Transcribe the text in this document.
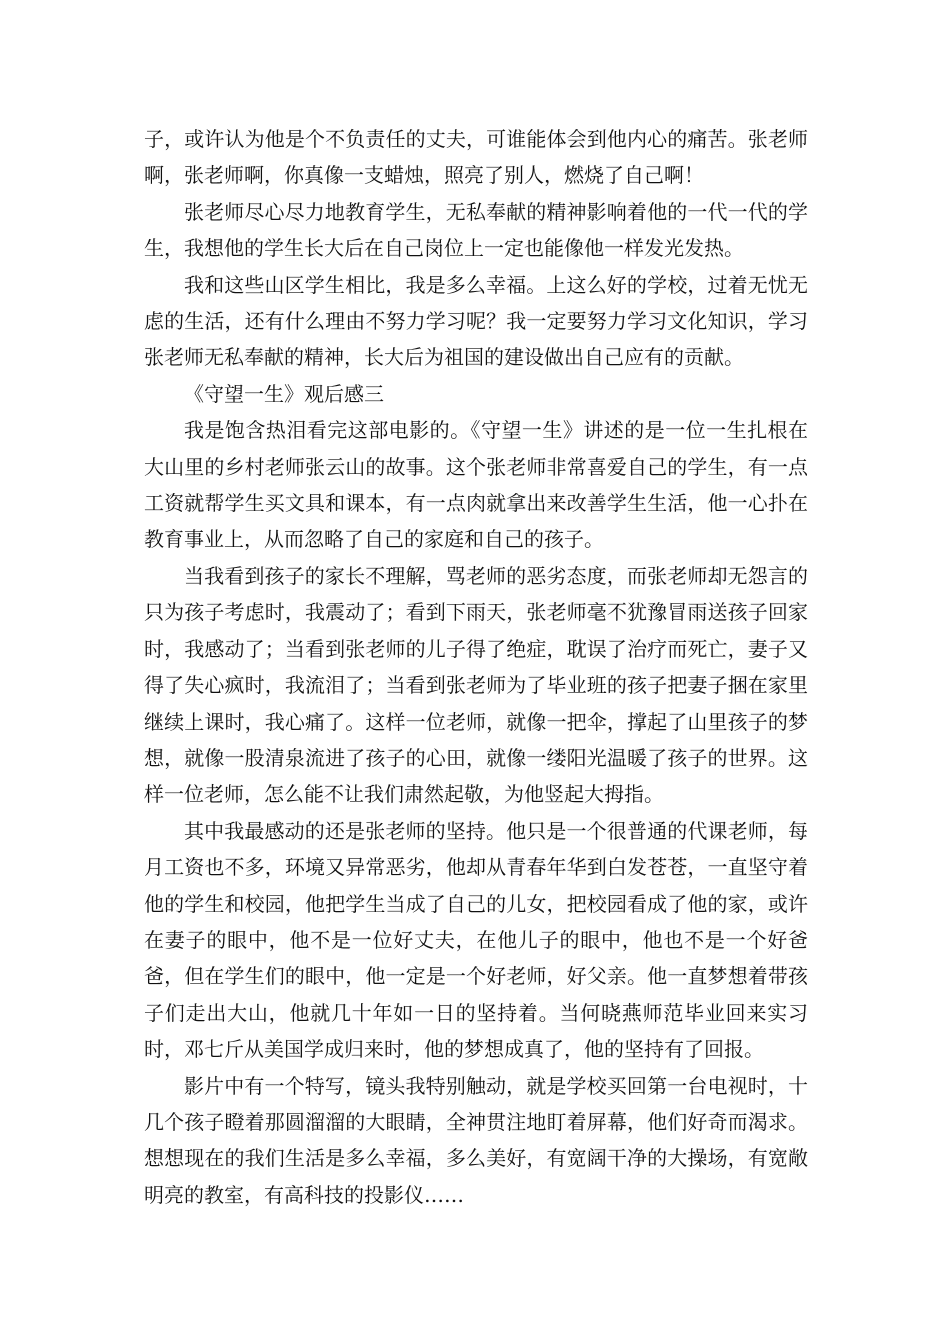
子，或许认为他是个不负责任的丈夫，可谁能体会到他内心的痛苦。张老师啊，张老师啊，你真像一支蜡烛，照亮了别人，燃烧了自己啊！

张老师尽心尽力地教育学生，无私奉献的精神影响着他的一代一代的学生，我想他的学生长大后在自己岗位上一定也能像他一样发光发热。

我和这些山区学生相比，我是多么幸福。上这么好的学校，过着无忧无虑的生活，还有什么理由不努力学习呢？我一定要努力学习文化知识，学习张老师无私奉献的精神，长大后为祖国的建设做出自己应有的贡献。

《守望一生》观后感三

我是饱含热泪看完这部电影的。《守望一生》讲述的是一位一生扎根在大山里的乡村老师张云山的故事。这个张老师非常喜爱自己的学生，有一点工资就帮学生买文具和课本，有一点肉就拿出来改善学生生活，他一心扑在教育事业上，从而忽略了自己的家庭和自己的孩子。

当我看到孩子的家长不理解，骂老师的恶劣态度，而张老师却无怨言的只为孩子考虑时，我震动了；看到下雨天，张老师毫不犹豫冒雨送孩子回家时，我感动了；当看到张老师的儿子得了绝症，耽误了治疗而死亡，妻子又得了失心疯时，我流泪了；当看到张老师为了毕业班的孩子把妻子捆在家里继续上课时，我心痛了。这样一位老师，就像一把伞，撑起了山里孩子的梦想，就像一股清泉流进了孩子的心田，就像一缕阳光温暖了孩子的世界。这样一位老师，怎么能不让我们肃然起敬，为他竖起大拇指。

其中我最感动的还是张老师的坚持。他只是一个很普通的代课老师，每月工资也不多，环境又异常恶劣，他却从青春年华到白发苍苍，一直坚守着他的学生和校园，他把学生当成了自己的儿女，把校园看成了他的家，或许在妻子的眼中，他不是一位好丈夫，在他儿子的眼中，他也不是一个好爸爸，但在学生们的眼中，他一定是一个好老师，好父亲。他一直梦想着带孩子们走出大山，他就几十年如一日的坚持着。当何晓燕师范毕业回来实习时，邓七斤从美国学成归来时，他的梦想成真了，他的坚持有了回报。

影片中有一个特写，镜头我特别触动，就是学校买回第一台电视时，十几个孩子瞪着那圆溜溜的大眼睛，全神贯注地盯着屏幕，他们好奇而渴求。想想现在的我们生活是多么幸福，多么美好，有宽阔干净的大操场，有宽敞明亮的教室，有高科技的投影仪……
